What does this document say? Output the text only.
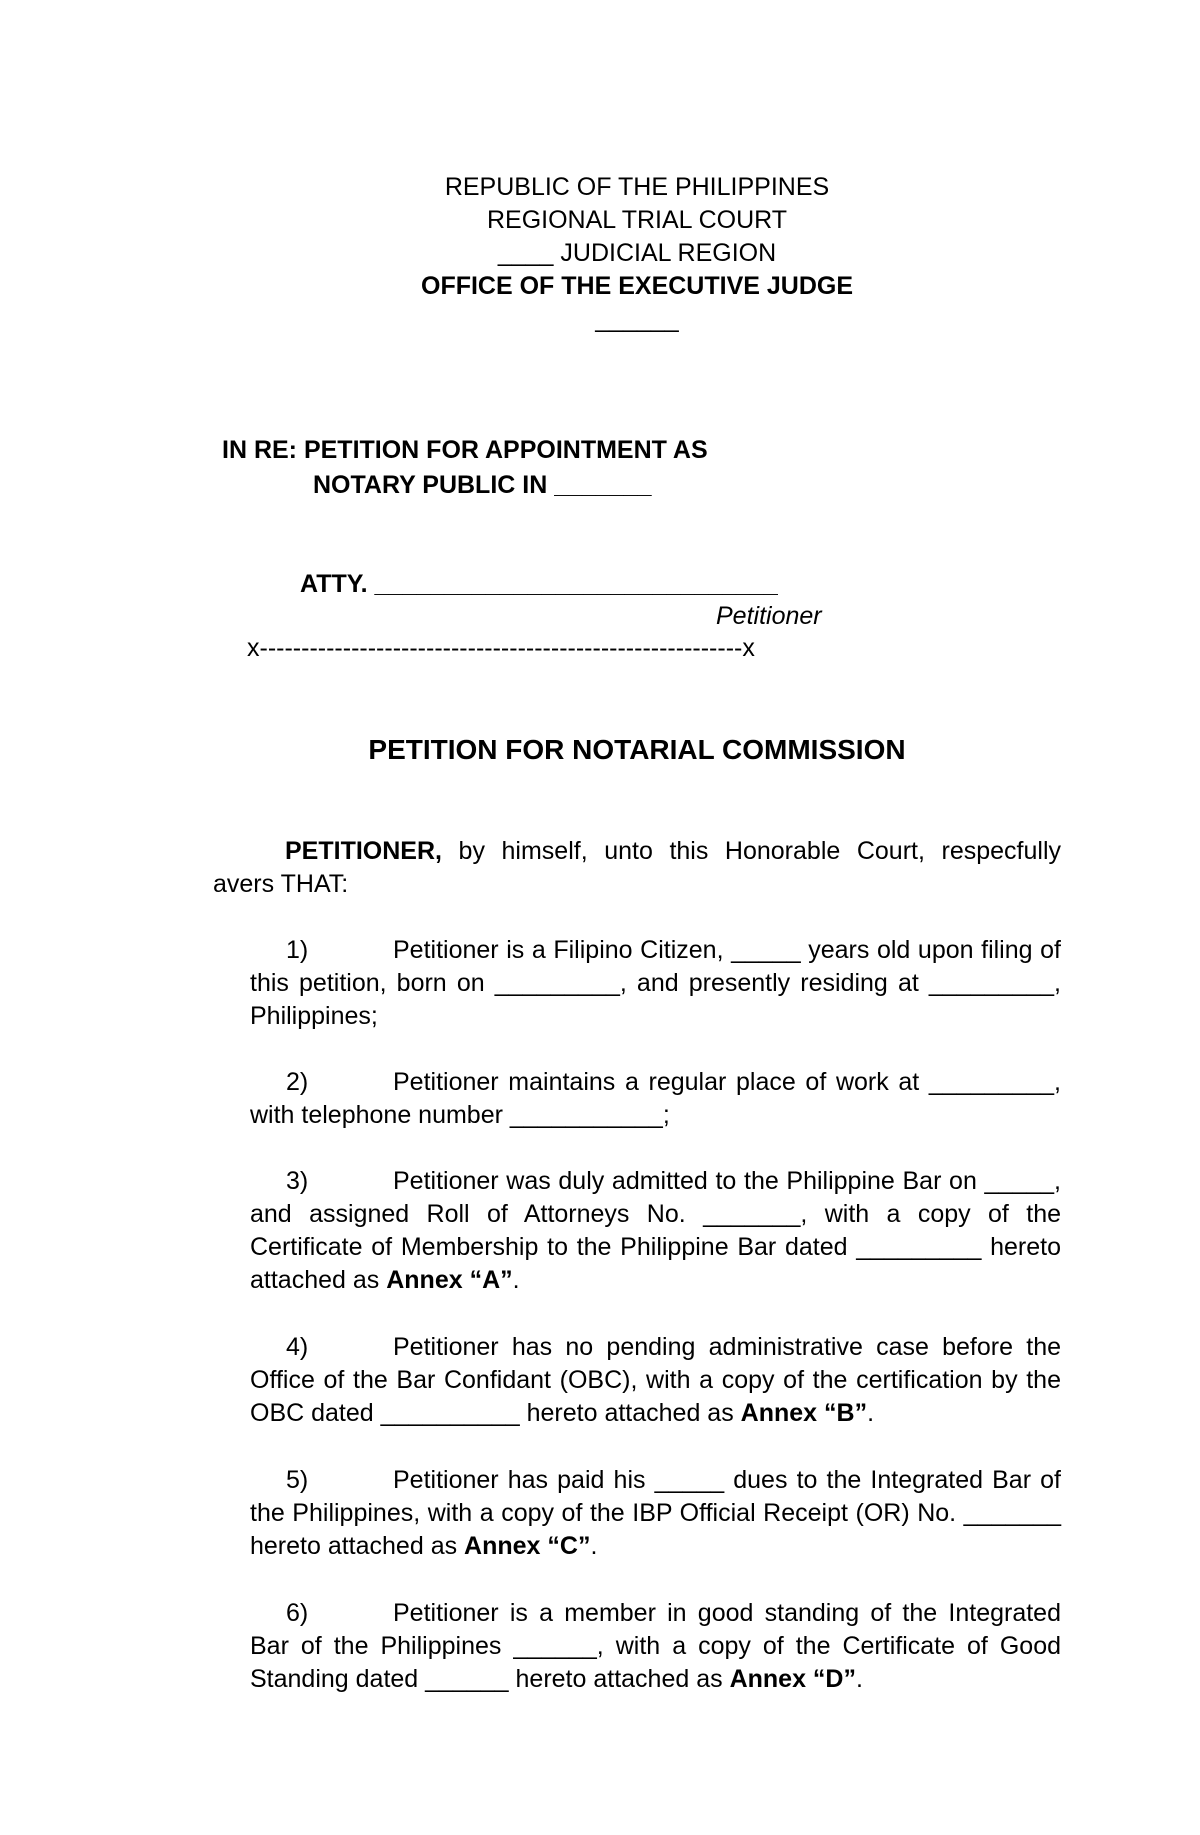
REPUBLIC OF THE PHILIPPINES
REGIONAL TRIAL COURT
____ JUDICIAL REGION
OFFICE OF THE EXECUTIVE JUDGE
______
IN RE: PETITION FOR APPOINTMENT AS
NOTARY PUBLIC IN _______
ATTY. _____________________________
Petitioner
x----------------------------------------------------------x
PETITION FOR NOTARIAL COMMISSION

PETITIONER, by himself, unto this Honorable Court, respecfully avers THAT:

1)	Petitioner is a Filipino Citizen, _____ years old upon filing of this petition, born on _________, and presently residing at _________, Philippines;

2)	Petitioner maintains a regular place of work at _________, with telephone number ___________;

3)	Petitioner was duly admitted to the Philippine Bar on _____, and assigned Roll of Attorneys No. _______, with a copy of the Certificate of Membership to the Philippine Bar dated _________ hereto attached as Annex “A”.

4)	Petitioner has no pending administrative case before the Office of the Bar Confidant (OBC), with a copy of the certification by the OBC dated __________ hereto attached as Annex “B”.

5)	Petitioner has paid his _____ dues to the Integrated Bar of the Philippines, with a copy of the IBP Official Receipt (OR) No. _______ hereto attached as Annex “C”.

6)	Petitioner is a member in good standing of the Integrated Bar of the Philippines ______, with a copy of the Certificate of Good Standing dated ______ hereto attached as Annex “D”.
